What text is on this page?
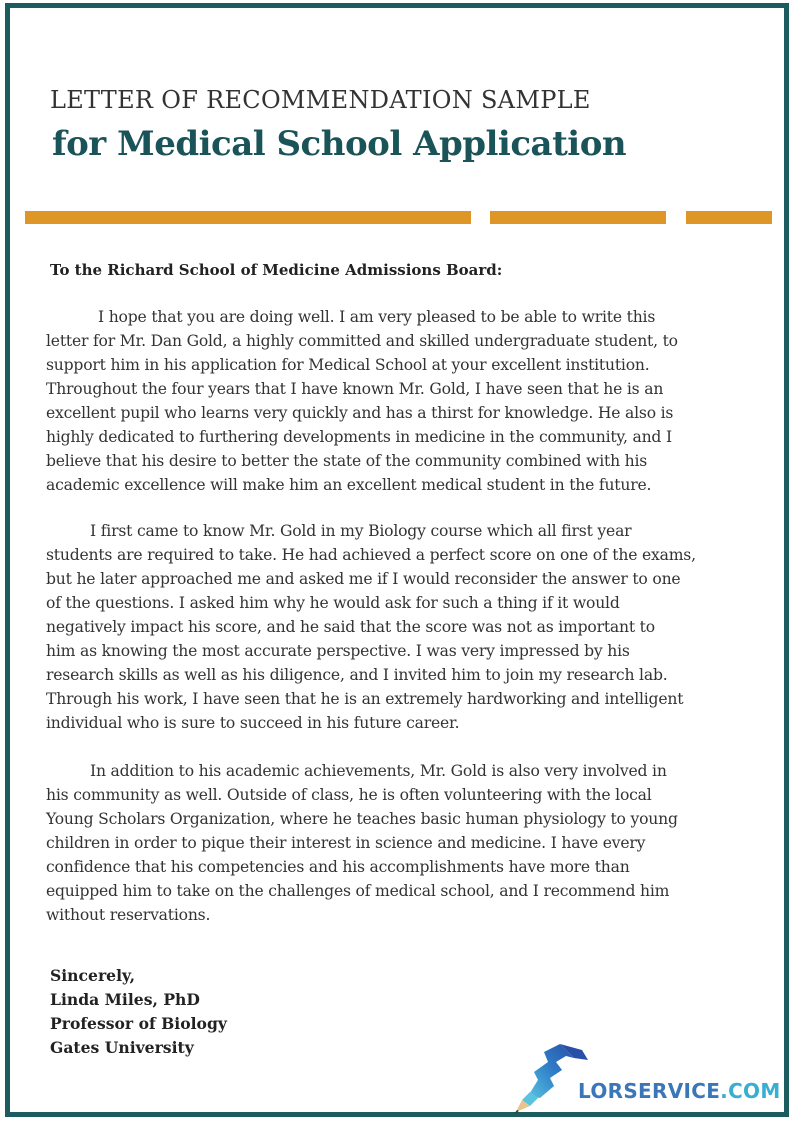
LETTER OF RECOMMENDATION SAMPLE
for Medical School Application
To the Richard School of Medicine Admissions Board:
I hope that you are doing well. I am very pleased to be able to write this
letter for Mr. Dan Gold, a highly committed and skilled undergraduate student, to
support him in his application for Medical School at your excellent institution.
Throughout the four years that I have known Mr. Gold, I have seen that he is an
excellent pupil who learns very quickly and has a thirst for knowledge. He also is
highly dedicated to furthering developments in medicine in the community, and I
believe that his desire to better the state of the community combined with his
academic excellence will make him an excellent medical student in the future.
I first came to know Mr. Gold in my Biology course which all first year
students are required to take. He had achieved a perfect score on one of the exams,
but he later approached me and asked me if I would reconsider the answer to one
of the questions. I asked him why he would ask for such a thing if it would
negatively impact his score, and he said that the score was not as important to
him as knowing the most accurate perspective. I was very impressed by his
research skills as well as his diligence, and I invited him to join my research lab.
Through his work, I have seen that he is an extremely hardworking and intelligent
individual who is sure to succeed in his future career.
In addition to his academic achievements, Mr. Gold is also very involved in
his community as well. Outside of class, he is often volunteering with the local
Young Scholars Organization, where he teaches basic human physiology to young
children in order to pique their interest in science and medicine. I have every
confidence that his competencies and his accomplishments have more than
equipped him to take on the challenges of medical school, and I recommend him
without reservations.
Sincerely,
Linda Miles, PhD
Professor of Biology
Gates University
LORSERVICE.COM
